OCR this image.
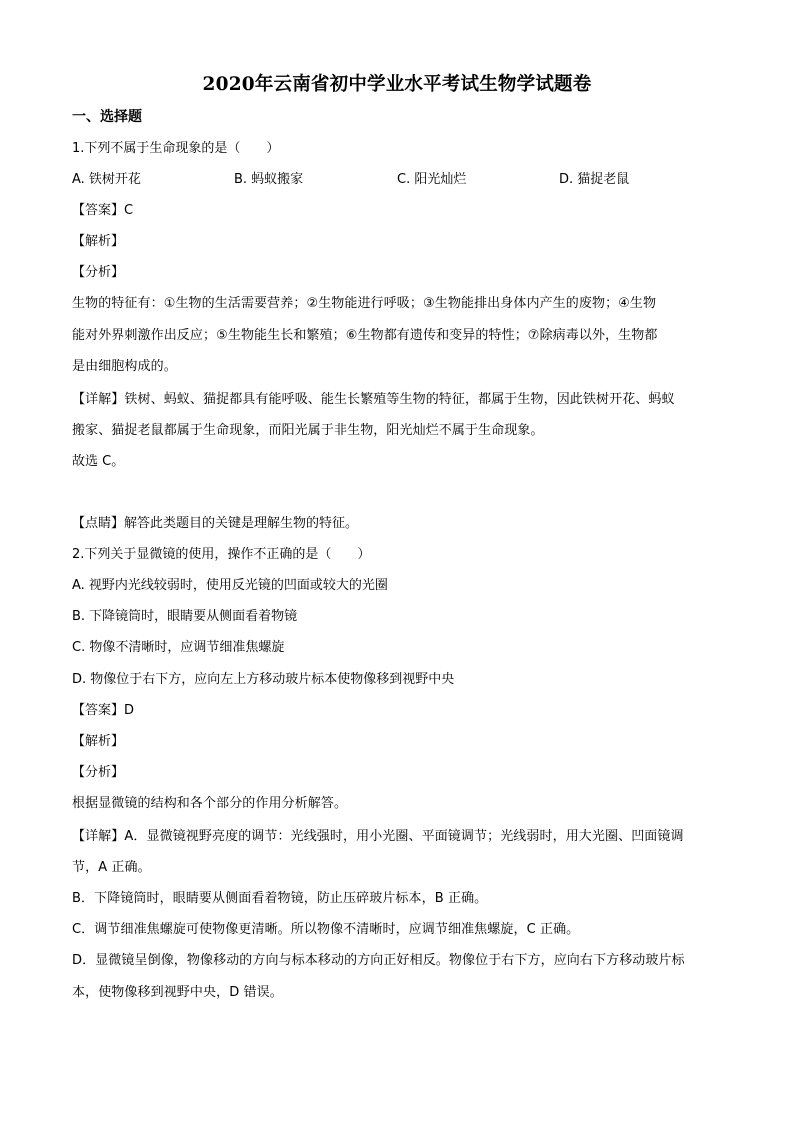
2020年云南省初中学业水平考试生物学试题卷
一、选择题
1.下列不属于生命现象的是（　　）
A. 铁树开花	B. 蚂蚁搬家	C. 阳光灿烂	D. 猫捉老鼠
【答案】C
【解析】
【分析】
生物的特征有：①生物的生活需要营养；②生物能进行呼吸；③生物能排出身体内产生的废物；④生物
能对外界刺激作出反应；⑤生物能生长和繁殖；⑥生物都有遗传和变异的特性；⑦除病毒以外，生物都
是由细胞构成的。
【详解】铁树、蚂蚁、猫捉都具有能呼吸、能生长繁殖等生物的特征，都属于生物，因此铁树开花、蚂蚁
搬家、猫捉老鼠都属于生命现象，而阳光属于非生物，阳光灿烂不属于生命现象。
故选 C。
【点睛】解答此类题目的关键是理解生物的特征。
2.下列关于显微镜的使用，操作不正确的是（　　）
A. 视野内光线较弱时，使用反光镜的凹面或较大的光圈
B. 下降镜筒时，眼睛要从侧面看着物镜
C. 物像不清晰时，应调节细准焦螺旋
D. 物像位于右下方，应向左上方移动玻片标本使物像移到视野中央
【答案】D
【解析】
【分析】
根据显微镜的结构和各个部分的作用分析解答。
【详解】A．显微镜视野亮度的调节：光线强时，用小光圈、平面镜调节；光线弱时，用大光圈、凹面镜调
节，A 正确。
B．下降镜筒时，眼睛要从侧面看着物镜，防止压碎玻片标本，B 正确。
C．调节细准焦螺旋可使物像更清晰。所以物像不清晰时，应调节细准焦螺旋，C 正确。
D．显微镜呈倒像，物像移动的方向与标本移动的方向正好相反。物像位于右下方，应向右下方移动玻片标
本，使物像移到视野中央，D 错误。
